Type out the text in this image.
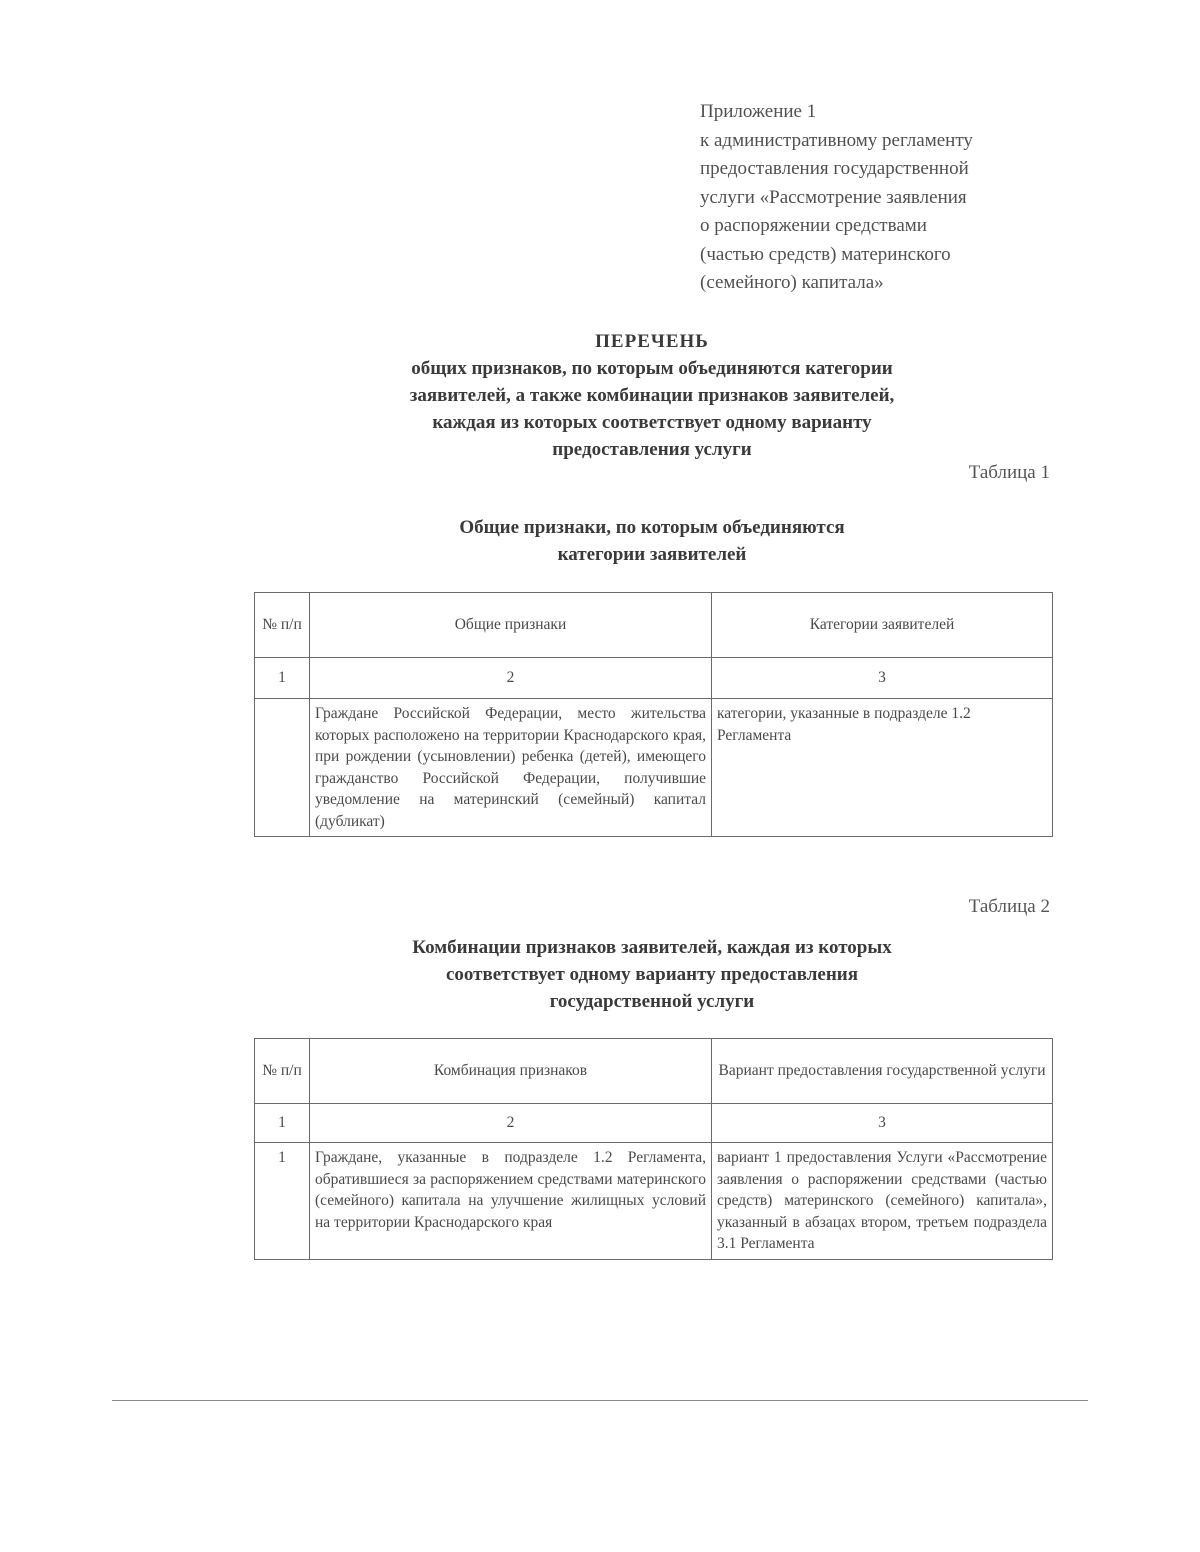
Приложение 1
к административному регламенту
предоставления государственной
услуги «Рассмотрение заявления
о распоряжении средствами
(частью средств) материнского
(семейного) капитала»
ПЕРЕЧЕНЬ
общих признаков, по которым объединяются категории
заявителей, а также комбинации признаков заявителей,
каждая из которых соответствует одному варианту
предоставления услуги
Таблица 1
Общие признаки, по которым объединяются
категории заявителей
№ п/п	Общие признаки	Категории заявителей
1	2	3
	Граждане Российской Федерации, место жительства которых расположено на территории Краснодарского края, при рождении (усыновлении) ребенка (детей), имеющего гражданство Российской Федерации, получившие уведомление на материнский (семейный) капитал (дубликат)	категории, указанные в подразделе 1.2 Регламента
Таблица 2
Комбинации признаков заявителей, каждая из которых
соответствует одному варианту предоставления
государственной услуги
№ п/п	Комбинация признаков	Вариант предоставления государственной услуги
1	2	3
1	Граждане, указанные в подразделе 1.2 Регламента, обратившиеся за распоряжением средствами материнского (семейного) капитала на улучшение жилищных условий на территории Краснодарского края	вариант 1 предоставления Услуги «Рассмотрение заявления о распоряжении средствами (частью средств) материнского (семейного) капитала», указанный в абзацах втором, третьем подраздела 3.1 Регламента
